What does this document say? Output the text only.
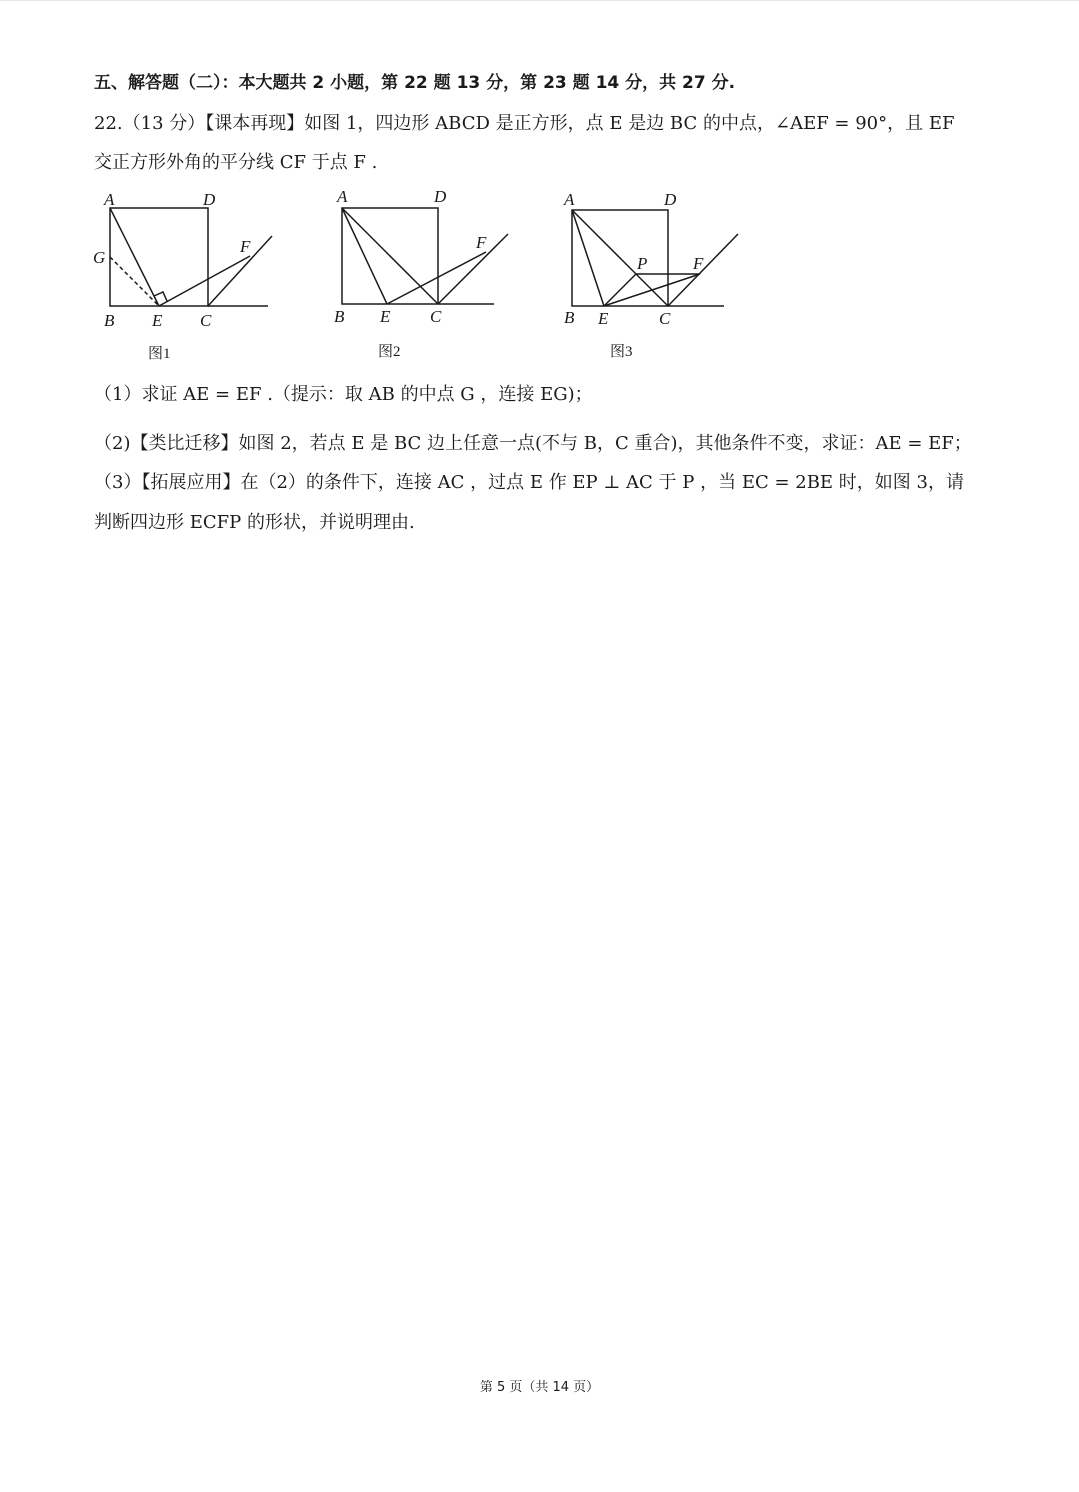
五、解答题（二）：本大题共 2 小题，第 22 题 13 分，第 23 题 14 分，共 27 分.
22.（13 分）【课本再现】如图 1，四边形 ABCD 是正方形，点 E 是边 BC 的中点，∠AEF = 90°，且 EF
交正方形外角的平分线 CF 于点 F .
A	D
G
F
B E C
图1
A	D
F
B E C
图2
A	D
P	F
B E	C
图3
（1）求证 AE = EF .（提示：取 AB 的中点 G ，连接 EG)；
（2)【类比迁移】如图 2，若点 E 是 BC 边上任意一点(不与 B，C 重合)，其他条件不变，求证：AE = EF；
（3）【拓展应用】在（2）的条件下，连接 AC ，过点 E 作 EP ⊥ AC 于 P ，当 EC = 2BE 时，如图 3，请
判断四边形 ECFP 的形状，并说明理由.
第 5 页（共 14 页）
